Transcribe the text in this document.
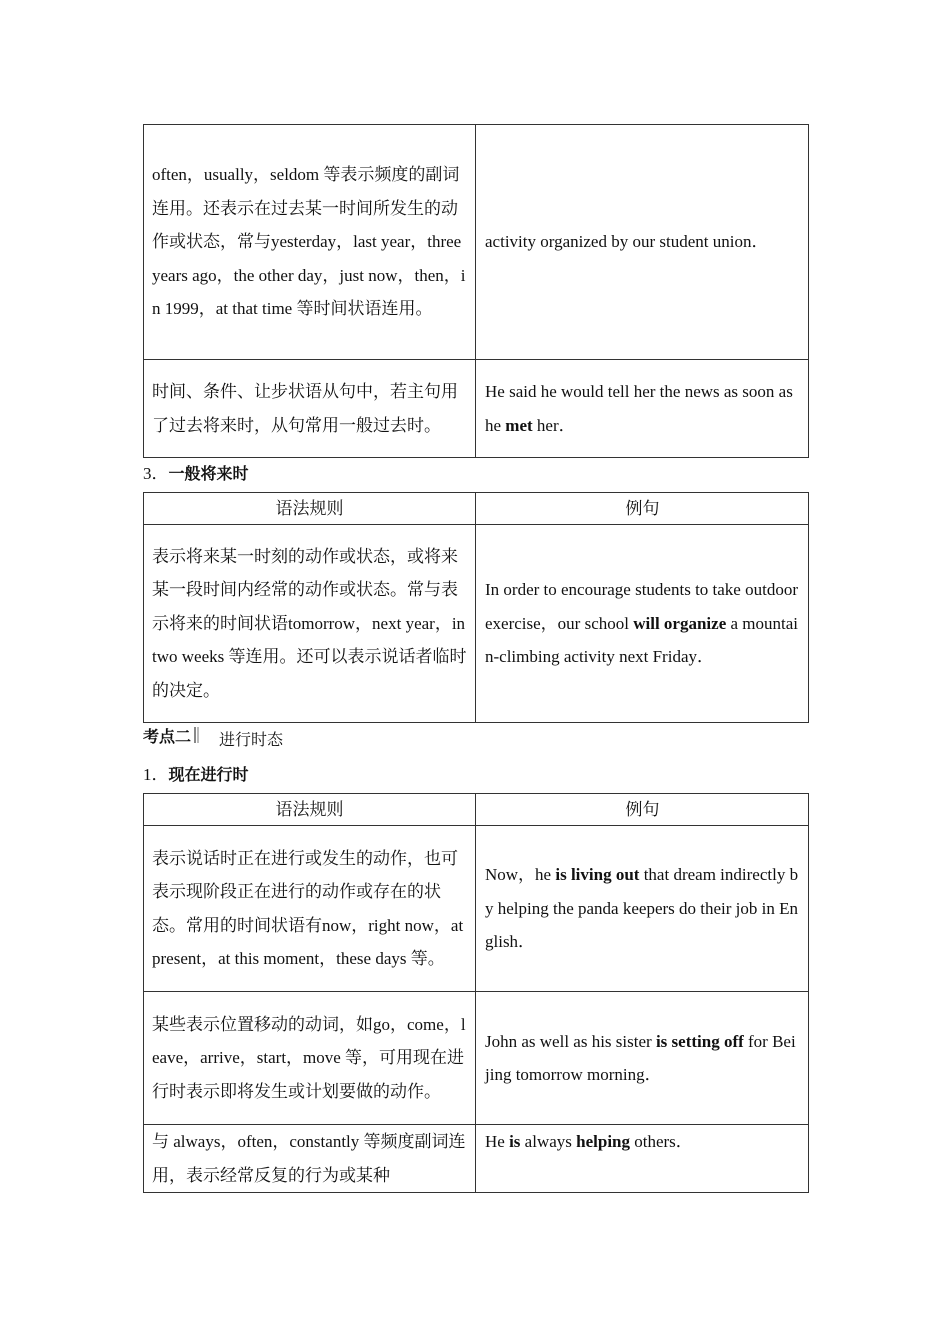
often，usually，seldom 等表示频度的副词连用。还表示在过去某一时间所发生的动作或状态，常与yesterday，last year，three years ago，the other day，just now，then，in 1999，at that time 等时间状语连用。	activity organized by our student union．
时间、条件、让步状语从句中，若主句用了过去将来时，从句常用一般过去时。	He said he would tell her the news as soon as he met her．
3．一般将来时
语法规则	例句
表示将来某一时刻的动作或状态，或将来某一段时间内经常的动作或状态。常与表示将来的时间状语tomorrow，next year，in two weeks 等连用。还可以表示说话者临时的决定。	In order to encourage students to take outdoor exercise，our school will organize a mountain-climbing activity next Friday．
考点二 进行时态
1．现在进行时
语法规则	例句
表示说话时正在进行或发生的动作，也可表示现阶段正在进行的动作或存在的状态。常用的时间状语有now，right now，at present，at this moment，these days 等。	Now，he is living out that dream indirectly by helping the panda keepers do their job in English．
某些表示位置移动的动词，如go，come，leave，arrive，start，move 等，可用现在进行时表示即将发生或计划要做的动作。	John as well as his sister is setting off for Beijing tomorrow morning．
与 always，often，constantly 等频度副词连用，表示经常反复的行为或某种	He is always helping others．
